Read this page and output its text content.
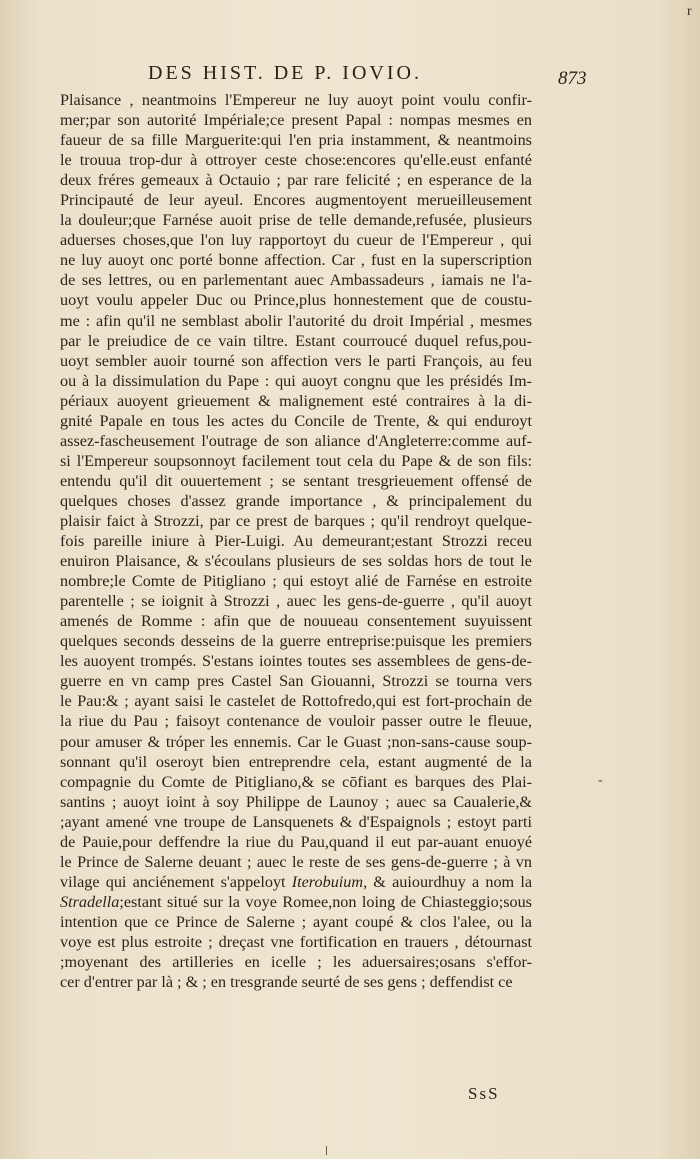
r
DES HIST. DE P. IOVIO.	873
Plaisance , neantmoins l'Empereur ne luy auoyt point voulu confir-
mer;par son autorité Impériale;ce present Papal : nompas mesmes en
faueur de sa fille Marguerite:qui l'en pria instamment, & neantmoins
le trouua trop-dur à ottroyer ceste chose:encores qu'elle.eust enfanté
deux fréres gemeaux à Octauio ; par rare felicité ; en esperance de la
Principauté de leur ayeul. Encores augmentoyent merueilleusement
la douleur;que Farnése auoit prise de telle demande,refusée, plusieurs
aduerses choses,que l'on luy rapportoyt du cueur de l'Empereur , qui
ne luy auoyt onc porté bonne affection. Car , fust en la superscription
de ses lettres, ou en parlementant auec Ambassadeurs , iamais ne l'a-
uoyt voulu appeler Duc ou Prince,plus honnestement que de coustu-
me : afin qu'il ne semblast abolir l'autorité du droit Impérial , mesmes
par le preiudice de ce vain tiltre. Estant courroucé duquel refus,pou-
uoyt sembler auoir tourné son affection vers le parti François, au feu
ou à la dissimulation du Pape : qui auoyt congnu que les présidés Im-
périaux auoyent grieuement & malignement esté contraires à la di-
gnité Papale en tous les actes du Concile de Trente, & qui enduroyt
assez-fascheusement l'outrage de son aliance d'Angleterre:comme auf-
si l'Empereur soupsonnoyt facilement tout cela du Pape & de son fils:
entendu qu'il dit ouuertement ; se sentant tresgrieuement offensé de
quelques choses d'assez grande importance , & principalement du
plaisir faict à Strozzi, par ce prest de barques ; qu'il rendroyt quelque-
fois pareille iniure à Pier-Luigi. Au demeurant;estant Strozzi receu
enuiron Plaisance, & s'écoulans plusieurs de ses soldas hors de tout le
nombre;le Comte de Pitigliano ; qui estoyt alié de Farnése en estroite
parentelle ; se ioignit à Strozzi , auec les gens-de-guerre , qu'il auoyt
amenés de Romme : afin que de nouueau consentement suyuissent
quelques seconds desseins de la guerre entreprise:puisque les premiers
les auoyent trompés. S'estans iointes toutes ses assemblees de gens-de-
guerre en vn camp pres Castel San Giouanni, Strozzi se tourna vers
le Pau:& ; ayant saisi le castelet de Rottofredo,qui est fort-prochain de
la riue du Pau ; faisoyt contenance de vouloir passer outre le fleuue,
pour amuser & tróper les ennemis. Car le Guast ;non-sans-cause soup-
sonnant qu'il oseroyt bien entreprendre cela, estant augmenté de la
compagnie du Comte de Pitigliano,& se cōfiant es barques des Plai-
santins ; auoyt ioint à soy Philippe de Launoy ; auec sa Caualerie,&
;ayant amené vne troupe de Lansquenets & d'Espaignols ; estoyt parti
de Pauie,pour deffendre la riue du Pau,quand il eut par-auant enuoyé
le Prince de Salerne deuant ; auec le reste de ses gens-de-guerre ; à vn
vilage qui anciénement s'appeloyt Iterobuium, & auiourdhuy a nom la
Stradella;estant situé sur la voye Romee,non loing de Chiasteggio;sous
intention que ce Prince de Salerne ; ayant coupé & clos l'alee, ou la
voye est plus estroite ; dreçast vne fortification en trauers , détournast
;moyenant des artilleries en icelle ; les aduersaires;osans s'effor-
cer d'entrer par là ; & ; en tresgrande seurté de ses gens ; deffendist ce
-
SsS
